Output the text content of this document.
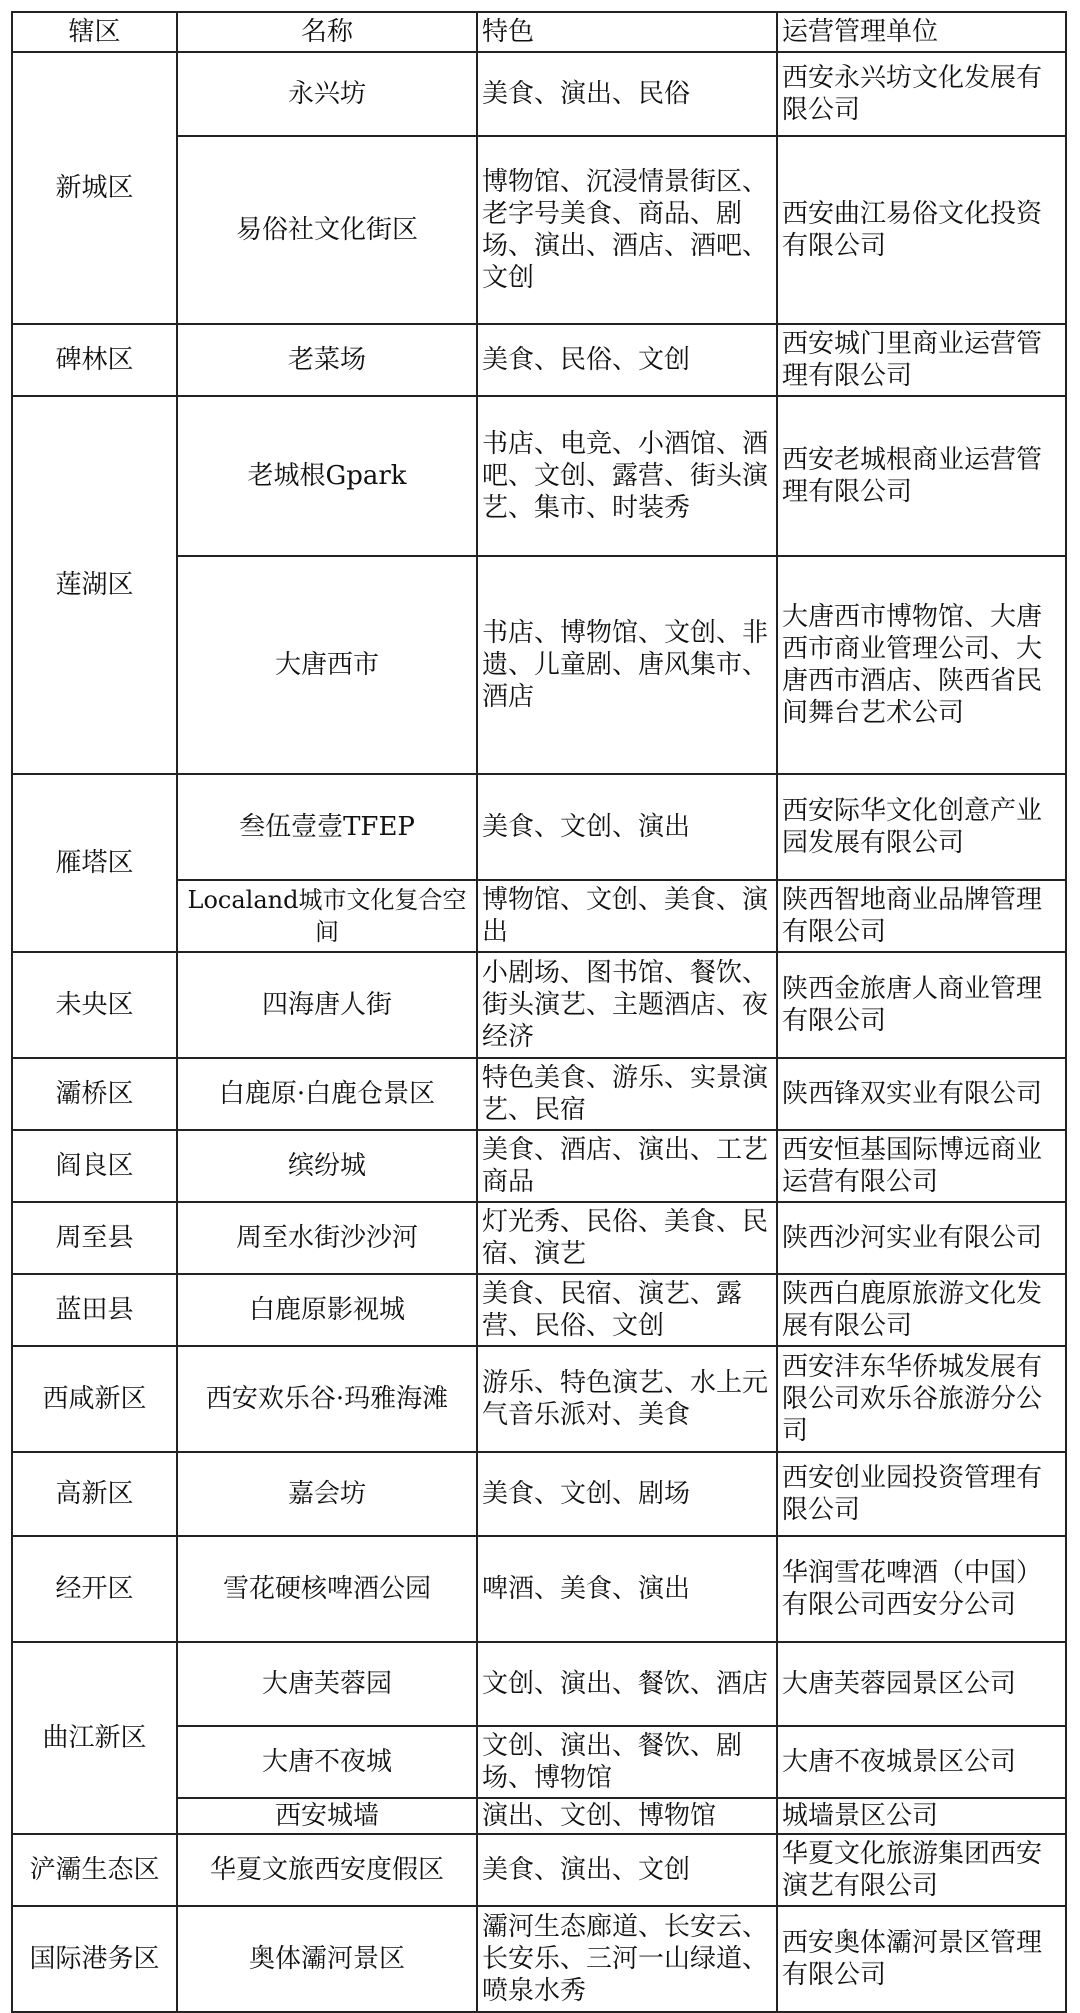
辖区	名称	特色	运营管理单位
新城区	永兴坊	美食、演出、民俗	西安永兴坊文化发展有限公司
	易俗社文化街区	博物馆、沉浸情景街区、老字号美食、商品、剧场、演出、酒店、酒吧、文创	西安曲江易俗文化投资有限公司
碑林区	老菜场	美食、民俗、文创	西安城门里商业运营管理有限公司
莲湖区	老城根Gpark	书店、电竞、小酒馆、酒吧、文创、露营、街头演艺、集市、时装秀	西安老城根商业运营管理有限公司
	大唐西市	书店、博物馆、文创、非遗、儿童剧、唐风集市、酒店	大唐西市博物馆、大唐西市商业管理公司、大唐西市酒店、陕西省民间舞台艺术公司
雁塔区	叁伍壹壹TFEP	美食、文创、演出	西安际华文化创意产业园发展有限公司
	Localand城市文化复合空间	博物馆、文创、美食、演出	陕西智地商业品牌管理有限公司
未央区	四海唐人街	小剧场、图书馆、餐饮、街头演艺、主题酒店、夜经济	陕西金旅唐人商业管理有限公司
灞桥区	白鹿原·白鹿仓景区	特色美食、游乐、实景演艺、民宿	陕西锋双实业有限公司
阎良区	缤纷城	美食、酒店、演出、工艺商品	西安恒基国际博远商业运营有限公司
周至县	周至水街沙沙河	灯光秀、民俗、美食、民宿、演艺	陕西沙河实业有限公司
蓝田县	白鹿原影视城	美食、民宿、演艺、露营、民俗、文创	陕西白鹿原旅游文化发展有限公司
西咸新区	西安欢乐谷·玛雅海滩	游乐、特色演艺、水上元气音乐派对、美食	西安沣东华侨城发展有限公司欢乐谷旅游分公司
高新区	嘉会坊	美食、文创、剧场	西安创业园投资管理有限公司
经开区	雪花硬核啤酒公园	啤酒、美食、演出	华润雪花啤酒（中国）有限公司西安分公司
曲江新区	大唐芙蓉园	文创、演出、餐饮、酒店	大唐芙蓉园景区公司
	大唐不夜城	文创、演出、餐饮、剧场、博物馆	大唐不夜城景区公司
	西安城墙	演出、文创、博物馆	城墙景区公司
浐灞生态区	华夏文旅西安度假区	美食、演出、文创	华夏文化旅游集团西安演艺有限公司
国际港务区	奥体灞河景区	灞河生态廊道、长安云、长安乐、三河一山绿道、喷泉水秀	西安奥体灞河景区管理有限公司
